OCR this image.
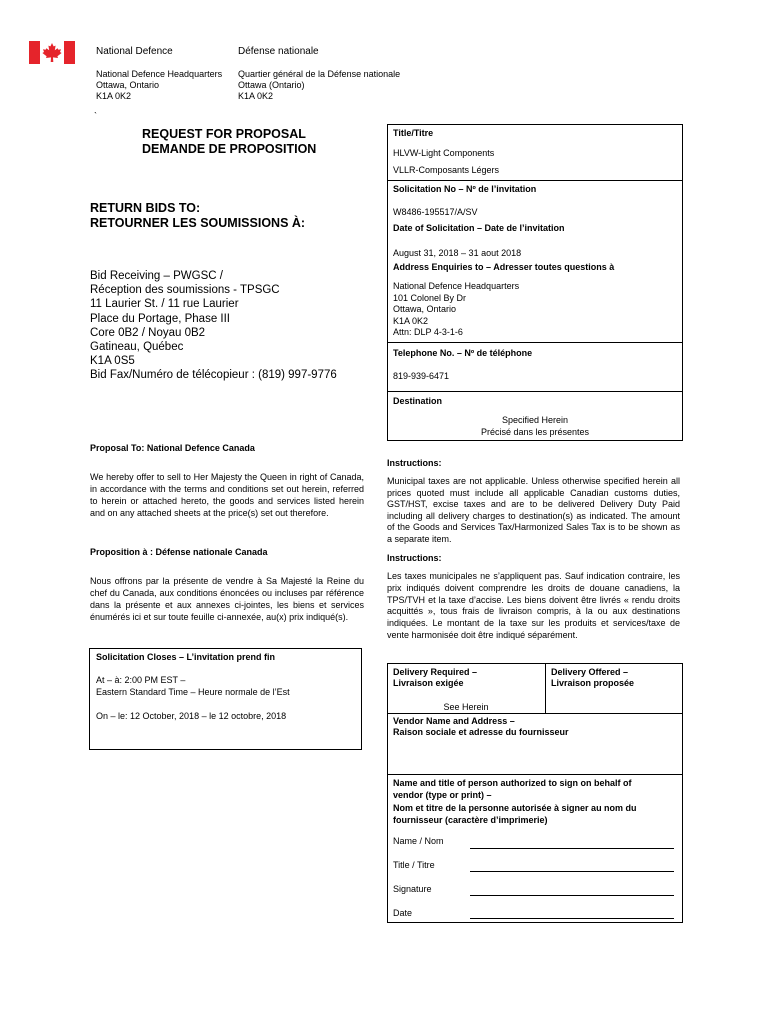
National Defence	Défense nationale
National Defence Headquarters
Ottawa, Ontario
K1A 0K2
Quartier général de la Défense nationale
Ottawa (Ontario)
K1A 0K2
`
REQUEST FOR PROPOSAL
DEMANDE DE PROPOSITION
RETURN BIDS TO:
RETOURNER LES SOUMISSIONS À:
Bid Receiving – PWGSC /
Réception des soumissions - TPSGC
11 Laurier St. / 11 rue Laurier
Place du Portage, Phase III
Core 0B2 / Noyau 0B2
Gatineau, Québec
K1A 0S5
Bid Fax/Numéro de télécopieur : (819) 997-9776
Proposal To: National Defence Canada
We hereby offer to sell to Her Majesty the Queen in right of Canada, in accordance with the terms and conditions set out herein, referred to herein or attached hereto, the goods and services listed herein and on any attached sheets at the price(s) set out therefore.
Proposition à : Défense nationale Canada
Nous offrons par la présente de vendre à Sa Majesté la Reine du chef du Canada, aux conditions énoncées ou incluses par référence dans la présente et aux annexes ci-jointes, les biens et services énumérés ici et sur toute feuille ci-annexée, au(x) prix indiqué(s).
Solicitation Closes – L’invitation prend fin
At – à: 2:00 PM EST –
Eastern Standard Time – Heure normale de l’Est
On – le: 12 October, 2018 – le 12 octobre, 2018
Title/Titre
HLVW-Light Components
VLLR-Composants Légers
Solicitation No – Nº de l’invitation
W8486-195517/A/SV
Date of Solicitation – Date de l’invitation
August 31, 2018 – 31 aout 2018
Address Enquiries to – Adresser toutes questions à
National Defence Headquarters
101 Colonel By Dr
Ottawa, Ontario
K1A 0K2
Attn: DLP 4-3-1-6
Telephone No. – Nº de téléphone
819-939-6471
Destination
Specified Herein
Précisé dans les présentes
Instructions:
Municipal taxes are not applicable. Unless otherwise specified herein all prices quoted must include all applicable Canadian customs duties, GST/HST, excise taxes and are to be delivered Delivery Duty Paid including all delivery charges to destination(s) as indicated. The amount of the Goods and Services Tax/Harmonized Sales Tax is to be shown as a separate item.
Instructions:
Les taxes municipales ne s’appliquent pas. Sauf indication contraire, les prix indiqués doivent comprendre les droits de douane canadiens, la TPS/TVH et la taxe d’accise. Les biens doivent être livrés « rendu droits acquittés », tous frais de livraison compris, à la ou aux destinations indiquées. Le montant de la taxe sur les produits et services/taxe de vente harmonisée doit être indiqué séparément.
Delivery Required –
Livraison exigée
Delivery Offered –
Livraison proposée
See Herein
Vendor Name and Address –
Raison sociale et adresse du fournisseur
Name and title of person authorized to sign on behalf of
vendor (type or print) –
Nom et titre de la personne autorisée à signer au nom du
fournisseur (caractère d’imprimerie)
Name / Nom
Title / Titre
Signature
Date
